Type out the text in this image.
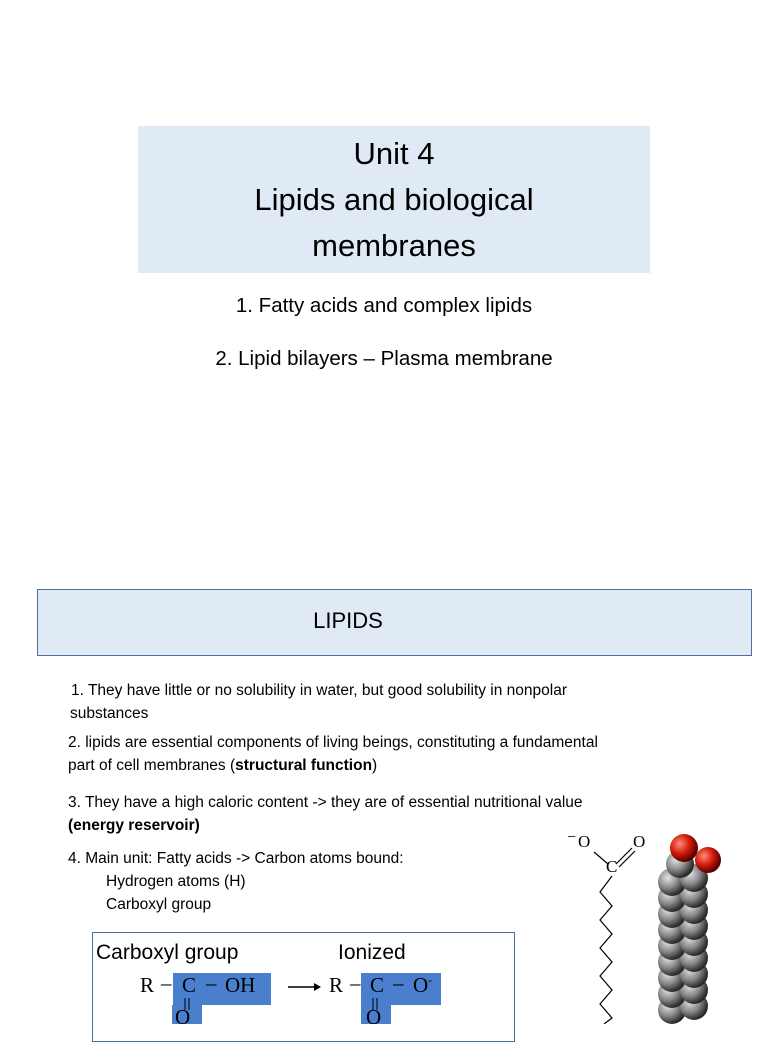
Unit 4
Lipids and biological
membranes
1. Fatty acids and complex lipids
2. Lipid bilayers – Plasma membrane
LIPIDS
1. They have little or no solubility in water, but good solubility in nonpolar
substances
2. lipids are essential components of living beings, constituting a fundamental
part of cell membranes (structural function)
3. They have a high caloric content -> they are of essential nutritional value
(energy reservoir)
4. Main unit: Fatty acids -> Carbon atoms bound:
Hydrogen atoms (H)
Carboxyl group
Carboxyl group	Ionized
R – C – OH
O
→ R – C – O-
O
− O	O
C
